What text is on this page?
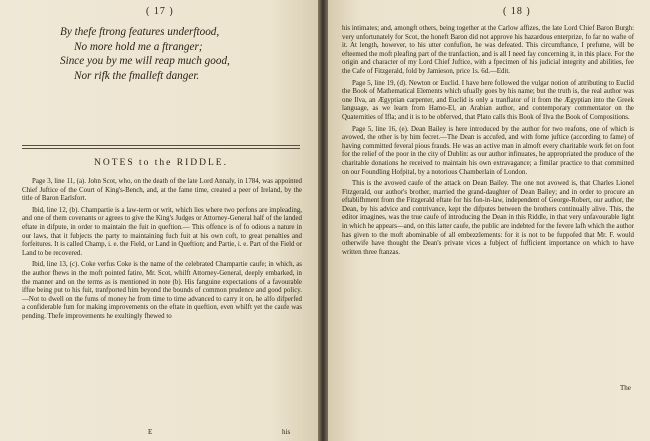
( 17 )
By thefe ftrong features underftood,
No more hold me a ftranger;
Since you by me will reap much good,
Nor rifk the fmalleft danger.
NOTES to the RIDDLE.

Page 3, line 11, (a). John Scot, who, on the death of the late Lord Annaly, in 1784, was appointed Chief Juftice of the Court of King's-Bench, and, at the fame time, created a peer of Ireland, by the title of Baron Earlsfort.

Ibid, line 12, (b). Champartie is a law-term or writ, which lies where two perfons are impleading, and one of them covenants or agrees to give the King's Judges or Attorney-General half of the landed eftate in difpute, in order to maintain the fuit in queftion.— This offence is of fo odious a nature in our laws, that it fubjects the party to maintaining fuch fuit at his own coft, to great penalties and forfeitures. It is called Champ, i. e. the Field, or Land in Queftion; and Partie, i. e. Part of the Field or Land to be recovered.

Ibid, line 13, (c). Coke verfus Coke is the name of the celebrated Champartie caufe; in which, as the author fhews in the moft pointed fatire, Mr. Scot, whilft Attorney-General, deeply embarked, in the manner and on the terms as is mentioned in note (b). His fanguine expectations of a favourable iffue being put to his fuit, tranfported him beyond the bounds of common prudence and good policy.—Not to dwell on the fums of money he from time to time advanced to carry it on, he alfo difperfed a confiderable fum for making improvements on the eftate in queftion, even whilft yet the caufe was pending. Thefe improvements he exultingly fhewed to

E	his
( 18 )

his intimates; and, amongft others, being together at the Carlow affizes, the late Lord Chief Baron Burgh: very unfortunately for Scot, the honeft Baron did not approve his hazardous enterprize, fo far no wafte of it. At length, however, to his utter confufion, he was defeated. This circumftance, I prefume, will be efteemed the moft pleafing part of the tranfaction, and is all I need fay concerning it, in this place. For the origin and character of my Lord Chief Juftice, with a fpecimen of his judicial integrity and abilities, fee the Cafe of Fitzgerald, fold by Jamieson, price 1s. 6d.—Edit.

Page 5, line 19, (d). Newton or Euclid. I have here followed the vulgar notion of attributing to Euclid the Book of Mathematical Elements which ufually goes by his name; but the truth is, the real author was one Ilva, an Ægyptian carpenter, and Euclid is only a tranflator of it from the Ægyptian into the Greek language, as we learn from Hamo-El, an Arabian author, and contemporary commentator on the Quaternities of Ifla; and it is to be obferved, that Plato calls this Book of Ilva the Book of Compositions.

Page 5, line 16, (e). Dean Bailey is here introduced by the author for two reafons, one of which is avowed, the other is by him fecret.—The Dean is accufed, and with fome juftice (according to fame) of having committed feveral pious frauds. He was an active man in almoft every charitable work fet on foot for the relief of the poor in the city of Dublin: as our author infinuates, he appropriated the produce of the charitable donations he received to maintain his own extravagance; a fimilar practice to that committed on our Foundling Hofpital, by a notorious Chamberlain of London.

This is the avowed caufe of the attack on Dean Bailey. The one not avowed is, that Charles Lionel Fitzgerald, our author's brother, married the grand-daughter of Dean Bailey; and in order to procure an eftablifhment from the Fitzgerald eftate for his fon-in-law, independent of George-Robert, our author, the Dean, by his advice and contrivance, kept the difputes between the brothers continually alive. This, the editor imagines, was the true caufe of introducing the Dean in this Riddle, in that very unfavourable light in which he appears—and, on this latter caufe, the public are indebted for the fevere lafh which the author has given to the moft abominable of all embezzlements: for it is not to be fuppofed that Mr. F. would otherwife have thought the Dean's private vices a fubject of fufficient importance on which to have written three ftanzas.

The
